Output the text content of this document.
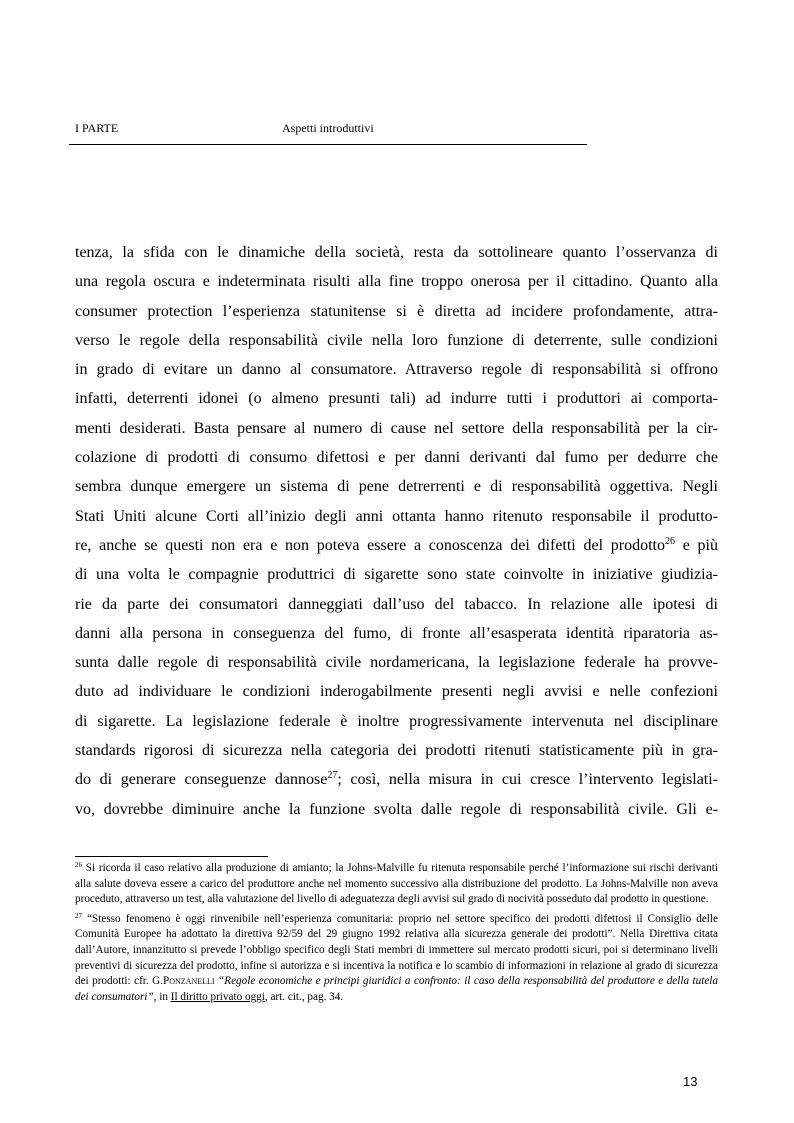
I PARTE	Aspetti introduttivi
tenza, la sfida con le dinamiche della società, resta da sottolineare quanto l’osservanza di
una regola oscura e indeterminata risulti alla fine troppo onerosa per il cittadino. Quanto alla
consumer protection l’esperienza statunitense si è diretta ad incidere profondamente, attra-
verso le regole della responsabilità civile nella loro funzione di deterrente, sulle condizioni
in grado di evitare un danno al consumatore. Attraverso regole di responsabilità si offrono
infatti, deterrenti idonei (o almeno presunti tali) ad indurre tutti i produttori ai comporta-
menti desiderati. Basta pensare al numero di cause nel settore della responsabilità per la cir-
colazione di prodotti di consumo difettosi e per danni derivanti dal fumo per dedurre che
sembra dunque emergere un sistema di pene detrerrenti e di responsabilità oggettiva. Negli
Stati Uniti alcune Corti all’inizio degli anni ottanta hanno ritenuto responsabile il produtto-
re, anche se questi non era e non poteva essere a conoscenza dei difetti del prodotto$^{26}$ e più
di una volta le compagnie produttrici di sigarette sono state coinvolte in iniziative giudizia-
rie da parte dei consumatori danneggiati dall’uso del tabacco. In relazione alle ipotesi di
danni alla persona in conseguenza del fumo, di fronte all’esasperata identità riparatoria as-
sunta dalle regole di responsabilità civile nordamericana, la legislazione federale ha provve-
duto ad individuare le condizioni inderogabilmente presenti negli avvisi e nelle confezioni
di sigarette. La legislazione federale è inoltre progressivamente intervenuta nel disciplinare
standards rigorosi di sicurezza nella categoria dei prodotti ritenuti statisticamente più in gra-
do di generare conseguenze dannose$^{27}$; così, nella misura in cui cresce l’intervento legislati-
vo, dovrebbe diminuire anche la funzione svolta dalle regole di responsabilità civile. Gli e-
$^{26}$ Si ricorda il caso relativo alla produzione di amianto; la Johns-Malville fu ritenuta responsabile perché l’informazione sui rischi derivanti alla salute doveva essere a carico del produttore anche nel momento successivo alla distribuzione del prodotto. La Johns-Malville non aveva proceduto, attraverso un test, alla valutazione del livello di adeguatezza degli avvisi sul grado di nocività posseduto dal prodotto in questione.
$^{27}$ “Stesso fenomeno è oggi rinvenibile nell’esperienza comunitaria: proprio nel settore specifico dei prodotti difettosi il Consiglio delle Comunità Europee ha adottato la direttiva 92/59 del 29 giugno 1992 relativa alla sicurezza generale dei prodotti”. Nella Direttiva citata dall’Autore, innanzitutto si prevede l’obbligo specifico degli Stati membri di immettere sul mercato prodotti sicuri, poi si determinano livelli preventivi di sicurezza del prodotto, infine si autorizza e si incentiva la notifica e lo scambio di informazioni in relazione al grado di sicurezza dei prodotti: cfr. G.Ponzanelli “Regole economiche e principi giuridici a confronto: il caso della responsabilità del produttore e della tutela dei consumatori”, in Il diritto privato oggi, art. cit., pag. 34.
13
